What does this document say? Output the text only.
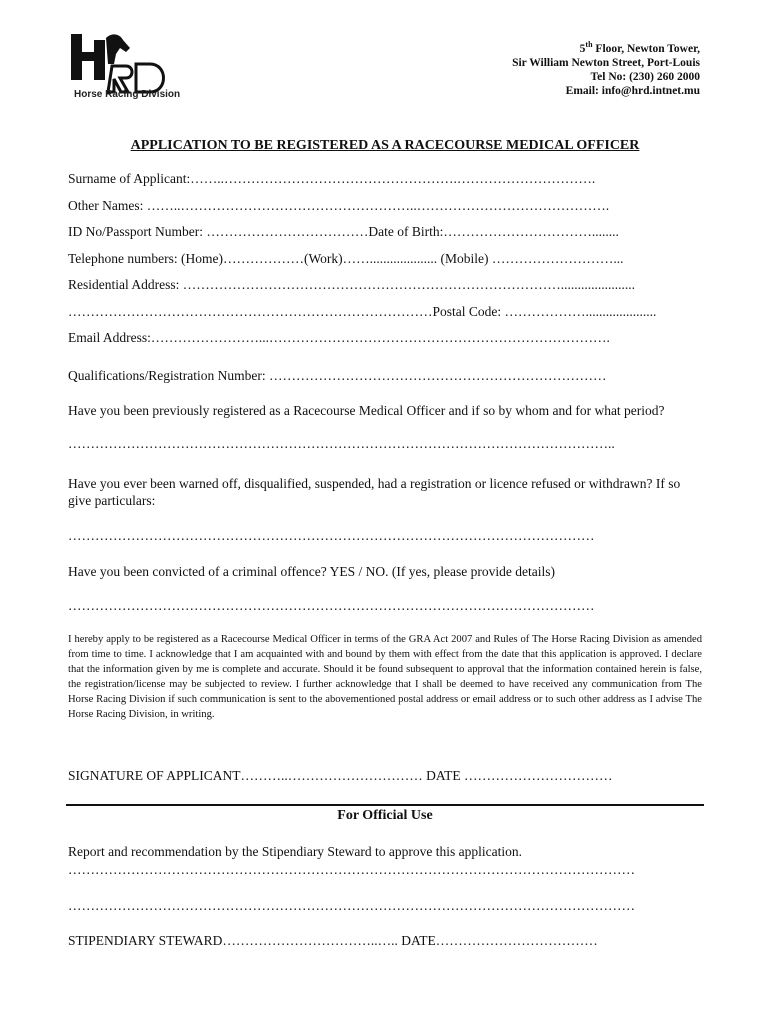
Horse Racing Division
5th Floor, Newton Tower,
Sir William Newton Street, Port-Louis
Tel No: (230) 260 2000
Email: info@hrd.intnet.mu
APPLICATION TO BE REGISTERED AS A RACECOURSE MEDICAL OFFICER
Surname of Applicant:……..…………………………………………….………………………….
Other Names: ……..……………………………………………..…………………………………….
ID No/Passport Number: ………………………………Date of Birth:……………………………........
Telephone numbers: (Home)………………(Work)…….................... (Mobile) ………………………...
Residential Address: …………………………………………………………………………......................
………………………………………………………………………Postal Code: ……………….....................
Email Address:……………………...………………………………………………………………….
Qualifications/Registration Number: …………………………………………………………………
Have you been previously registered as a Racecourse Medical Officer and if so by whom and for what period?
…………………………………………………………………………………………………………..
Have you ever been warned off, disqualified, suspended, had a registration or licence refused or withdrawn? If so give particulars:
………………………………………………………………………………………………………
Have you been convicted of a criminal offence? YES / NO. (If yes, please provide details)
………………………………………………………………………………………………………
I hereby apply to be registered as a Racecourse Medical Officer in terms of the GRA Act 2007 and Rules of The Horse Racing Division as amended from time to time. I acknowledge that I am acquainted with and bound by them with effect from the date that this application is approved. I declare that the information given by me is complete and accurate. Should it be found subsequent to approval that the information contained herein is false, the registration/license may be subjected to review. I further acknowledge that I shall be deemed to have received any communication from The Horse Racing Division if such communication is sent to the abovementioned postal address or email address or to such other address as I advise The Horse Racing Division, in writing.
SIGNATURE OF APPLICANT………..………………………… DATE ……………………………
For Official Use
Report and recommendation by the Stipendiary Steward to approve this application.
………………………………………………………………………………………………………………
………………………………………………………………………………………………………………
STIPENDIARY STEWARD……………………………..….. DATE………………………………
